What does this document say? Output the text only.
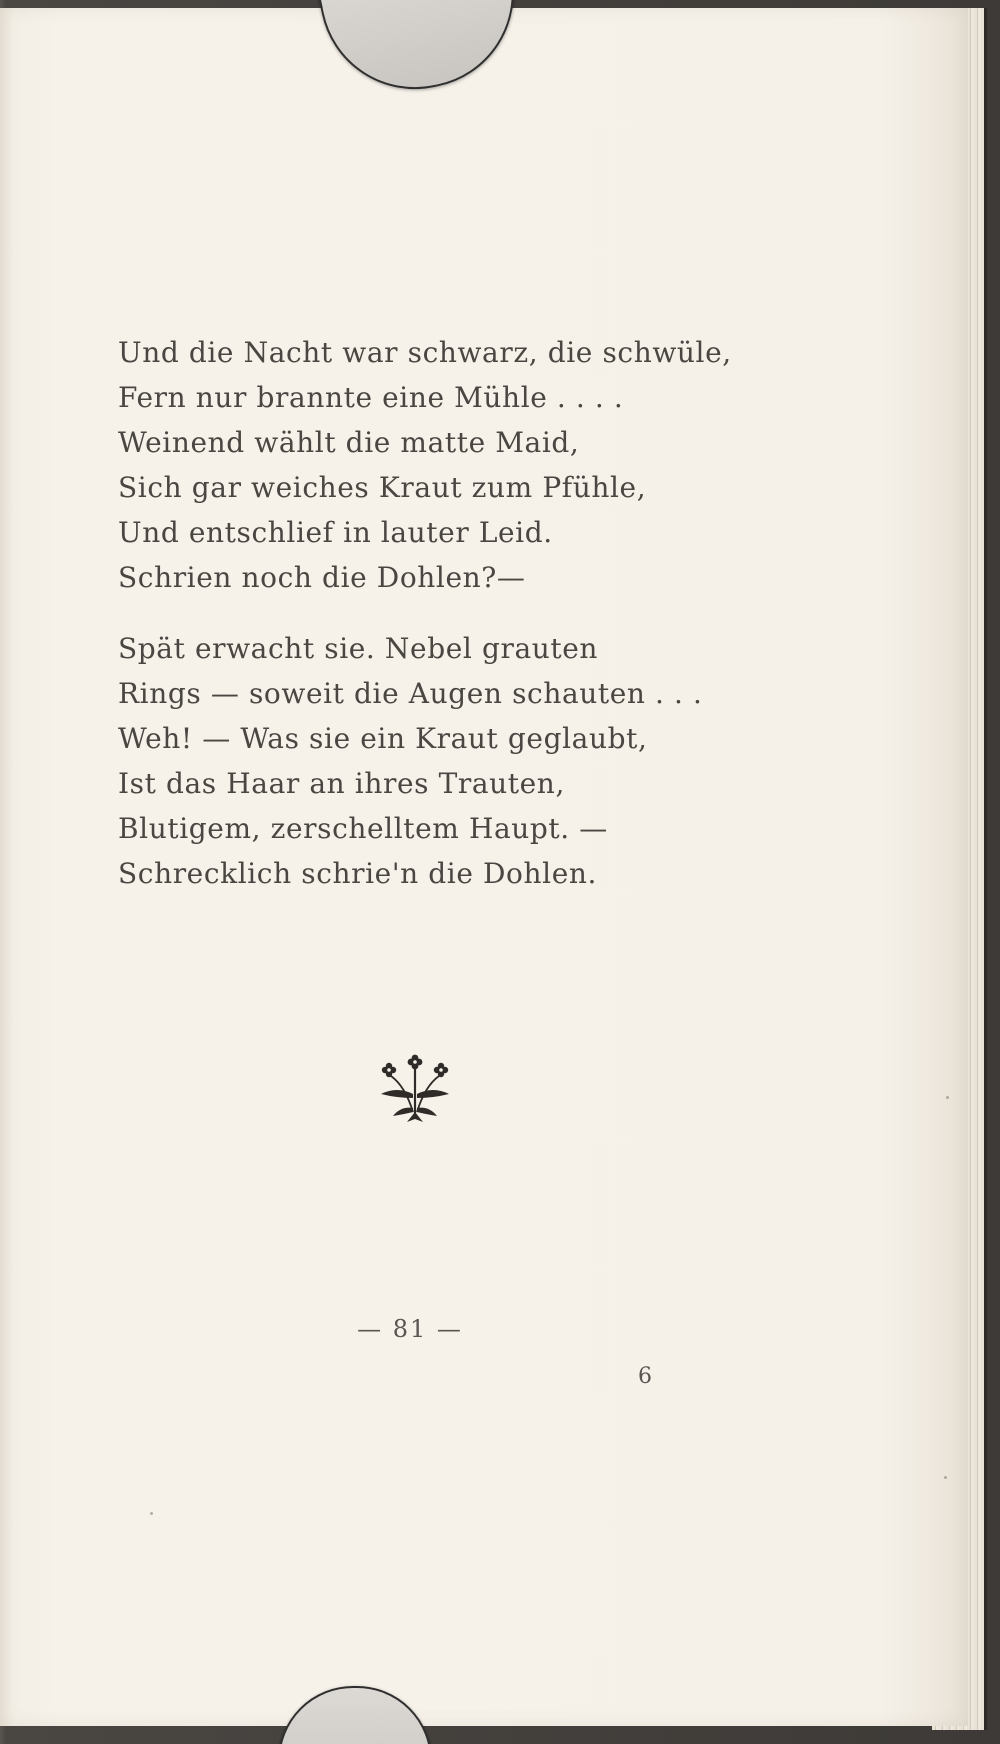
Und die Nacht war schwarz, die schwüle,
Fern nur brannte eine Mühle . . . .
Weinend wählt die matte Maid,
Sich gar weiches Kraut zum Pfühle,
Und entschlief in lauter Leid.
Schrien noch die Dohlen?—
Spät erwacht sie. Nebel grauten
Rings — soweit die Augen schauten . . .
Weh! — Was sie ein Kraut geglaubt,
Ist das Haar an ihres Trauten,
Blutigem, zerschelltem Haupt. —
Schrecklich schrie'n die Dohlen.
— 81 —
6
